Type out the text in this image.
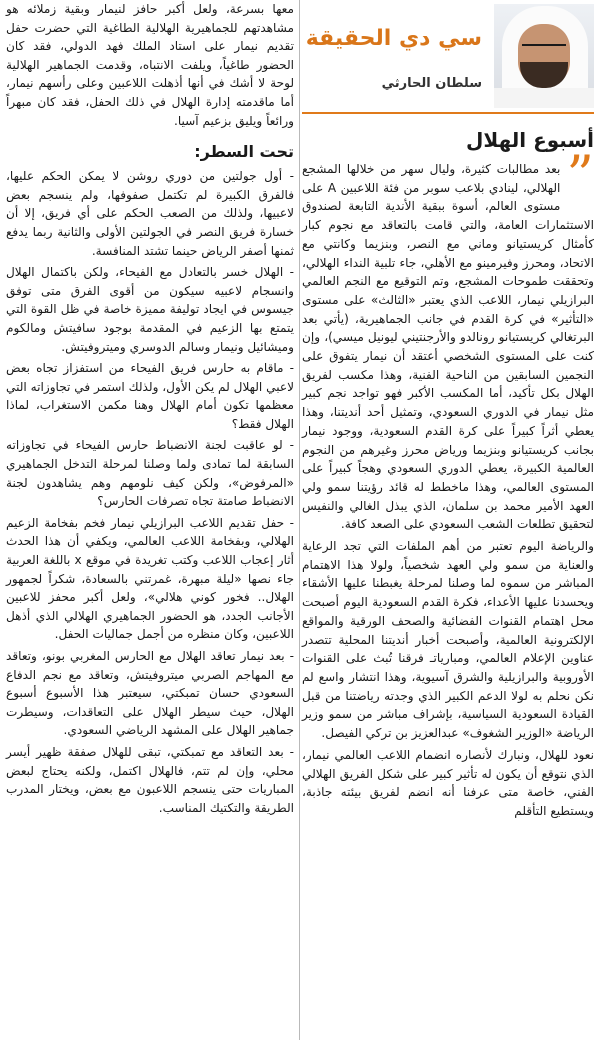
سي دي الحقيقة
سلطان الحارثي
أسبوع الهلال
”

بعد مطالبات كثيرة، وليال سهر من خلالها المشجع الهلالي، لينادي بلاعب سوبر من فئة اللاعبين A على مستوى العالم، أسوة ببقية الأندية التابعة لصندوق الاستثمارات العامة، والتي قامت بالتعاقد مع نجوم كبار كأمثال كريستيانو وماني مع النصر، وبنزيما وكانتي مع الاتحاد، ومحرز وفيرمينو مع الأهلي، جاء تلبية النداء الهلالي، وتحققت طموحات المشجع، وتم التوقيع مع النجم العالمي البرازيلي نيمار، اللاعب الذي يعتبر «الثالث» على مستوى «التأثير» في كرة القدم في جانب الجماهيرية، (يأتي بعد البرتغالي كريستيانو رونالدو والأرجنتيني ليونيل ميسي)، وإن كنت على المستوى الشخصي أعتقد أن نيمار يتفوق على النجمين السابقين من الناحية الفنية، وهذا مكسب لفريق الهلال بكل تأكيد، أما المكسب الأكبر فهو تواجد نجم كبير مثل نيمار في الدوري السعودي، وتمثيل أحد أنديتنا، وهذا يعطي أثراً كبيراً على كرة القدم السعودية، ووجود نيمار بجانب كريستيانو وبنزيما ورياض محرز وغيرهم من النجوم العالمية الكبيرة، يعطي الدوري السعودي وهجاً كبيراً على المستوى العالمي، وهذا ماخطط له قائد رؤيتنا سمو ولي العهد الأمير محمد بن سلمان، الذي يبذل الغالي والنفيس لتحقيق تطلعات الشعب السعودي على الصعد كافة.

والرياضة اليوم تعتبر من أهم الملفات التي تجد الرعاية والعناية من سمو ولي العهد شخصياً، ولولا هذا الاهتمام المباشر من سموه لما وصلنا لمرحلة يغبطنا عليها الأشقاء ويحسدنا عليها الأعداء، فكرة القدم السعودية اليوم أصبحت محل اهتمام القنوات الفضائية والصحف الورقية والمواقع الإلكترونية العالمية، وأصبحت أخبار أنديتنا المحلية تتصدر عناوين الإعلام العالمي، ومبارياتـ فرقنا تُبث على القنوات الأوروبية والبرازيلية والشرق آسيوية، وهذا انتشار واسع لم نكن نحلم به لولا الدعم الكبير الذي وجدته رياضتنا من قبل القيادة السعودية السياسية، بإشراف مباشر من سمو وزير الرياضة «الوزير الشغوف» عبدالعزيز بن تركي الفيصل.

نعود للهلال، ونبارك لأنصاره انضمام اللاعب العالمي نيمار، الذي نتوقع أن يكون له تأثير كبير على شكل الفريق الهلالي الفني، خاصة متى عرفنا أنه انضم لفريق بيئته جاذبة، ويستطيع التأقلم

معها بسرعة، ولعل أكبر حافز لنيمار وبقية زملائه هو مشاهدتهم للجماهيرية الهلالية الطاغية التي حضرت حفل تقديم نيمار على استاد الملك فهد الدولي، فقد كان الحضور طاغياً، ويلفت الانتباه، وقدمت الجماهير الهلالية لوحة لا أشك في أنها أذهلت اللاعبين وعلى رأسهم نيمار، أما ماقدمته إدارة الهلال في ذلك الحفل، فقد كان مبهراً ورائعاً ويليق بزعيم آسيا.

تحت السطر:

- أول جولتين من دوري روشن لا يمكن الحكم عليها، فالفرق الكبيرة لم تكتمل صفوفها، ولم ينسجم بعض لاعبيها، ولذلك من الصعب الحكم على أي فريق، إلا أن خسارة فريق النصر في الجولتين الأولى والثانية ربما يدفع ثمنها أصفر الرياض حينما تشتد المنافسة.

- الهلال خسر بالتعادل مع الفيحاء، ولكن باكتمال الهلال وانسجام لاعبيه سيكون من أقوى الفرق متى توفق جيسوس في ايجاد توليفة مميزة خاصة في ظل القوة التي يتمتع بها الزعيم في المقدمة بوجود سافيتش ومالكوم وميشائيل ونيمار وسالم الدوسري وميتروفيتش.

- ماقام به حارس فريق الفيحاء من استفزاز تجاه بعض لاعبي الهلال لم يكن الأول، ولذلك استمر في تجاوزاته التي معظمها تكون أمام الهلال وهنا مكمن الاستغراب، لماذا الهلال فقط؟

- لو عاقبت لجنة الانضباط حارس الفيحاء في تجاوزاته السابقة لما تمادى ولما وصلنا لمرحلة التدخل الجماهيري «المرفوض»، ولكن كيف نلومهم وهم يشاهدون لجنة الانضباط صامتة تجاه تصرفات الحارس؟

- حفل تقديم اللاعب البرازيلي نيمار فخم بفخامة الزعيم الهلالي، وبفخامة اللاعب العالمي، ويكفي أن هذا الحدث أثار إعجاب اللاعب وكتب تغريدة في موقع x باللغة العربية جاء نصها «ليلة مبهرة، غمرتني بالسعادة، شكراً لجمهور الهلال.. فخور كوني هلالي»، ولعل أكبر محفز للاعبين الأجانب الجدد، هو الحضور الجماهيري الهلالي الذي أذهل اللاعبين، وكان منظره من أجمل جماليات الحفل.

- بعد نيمار تعاقد الهلال مع الحارس المغربي بونو، وتعاقد مع المهاجم الصربي ميتروفيتش، وتعاقد مع نجم الدفاع السعودي حسان تمبكتي، سيعتبر هذا الأسبوع أسبوع الهلال، حيث سيطر الهلال على التعاقدات، وسيطرت جماهير الهلال على المشهد الرياضي السعودي.

- بعد التعاقد مع تمبكتي، تبقى للهلال صفقة ظهير أيسر محلي، وإن لم تتم، فالهلال اكتمل، ولكنه يحتاج لبعض المباريات حتى ينسجم اللاعبون مع بعض، ويختار المدرب الطريقة والتكتيك المناسب.
